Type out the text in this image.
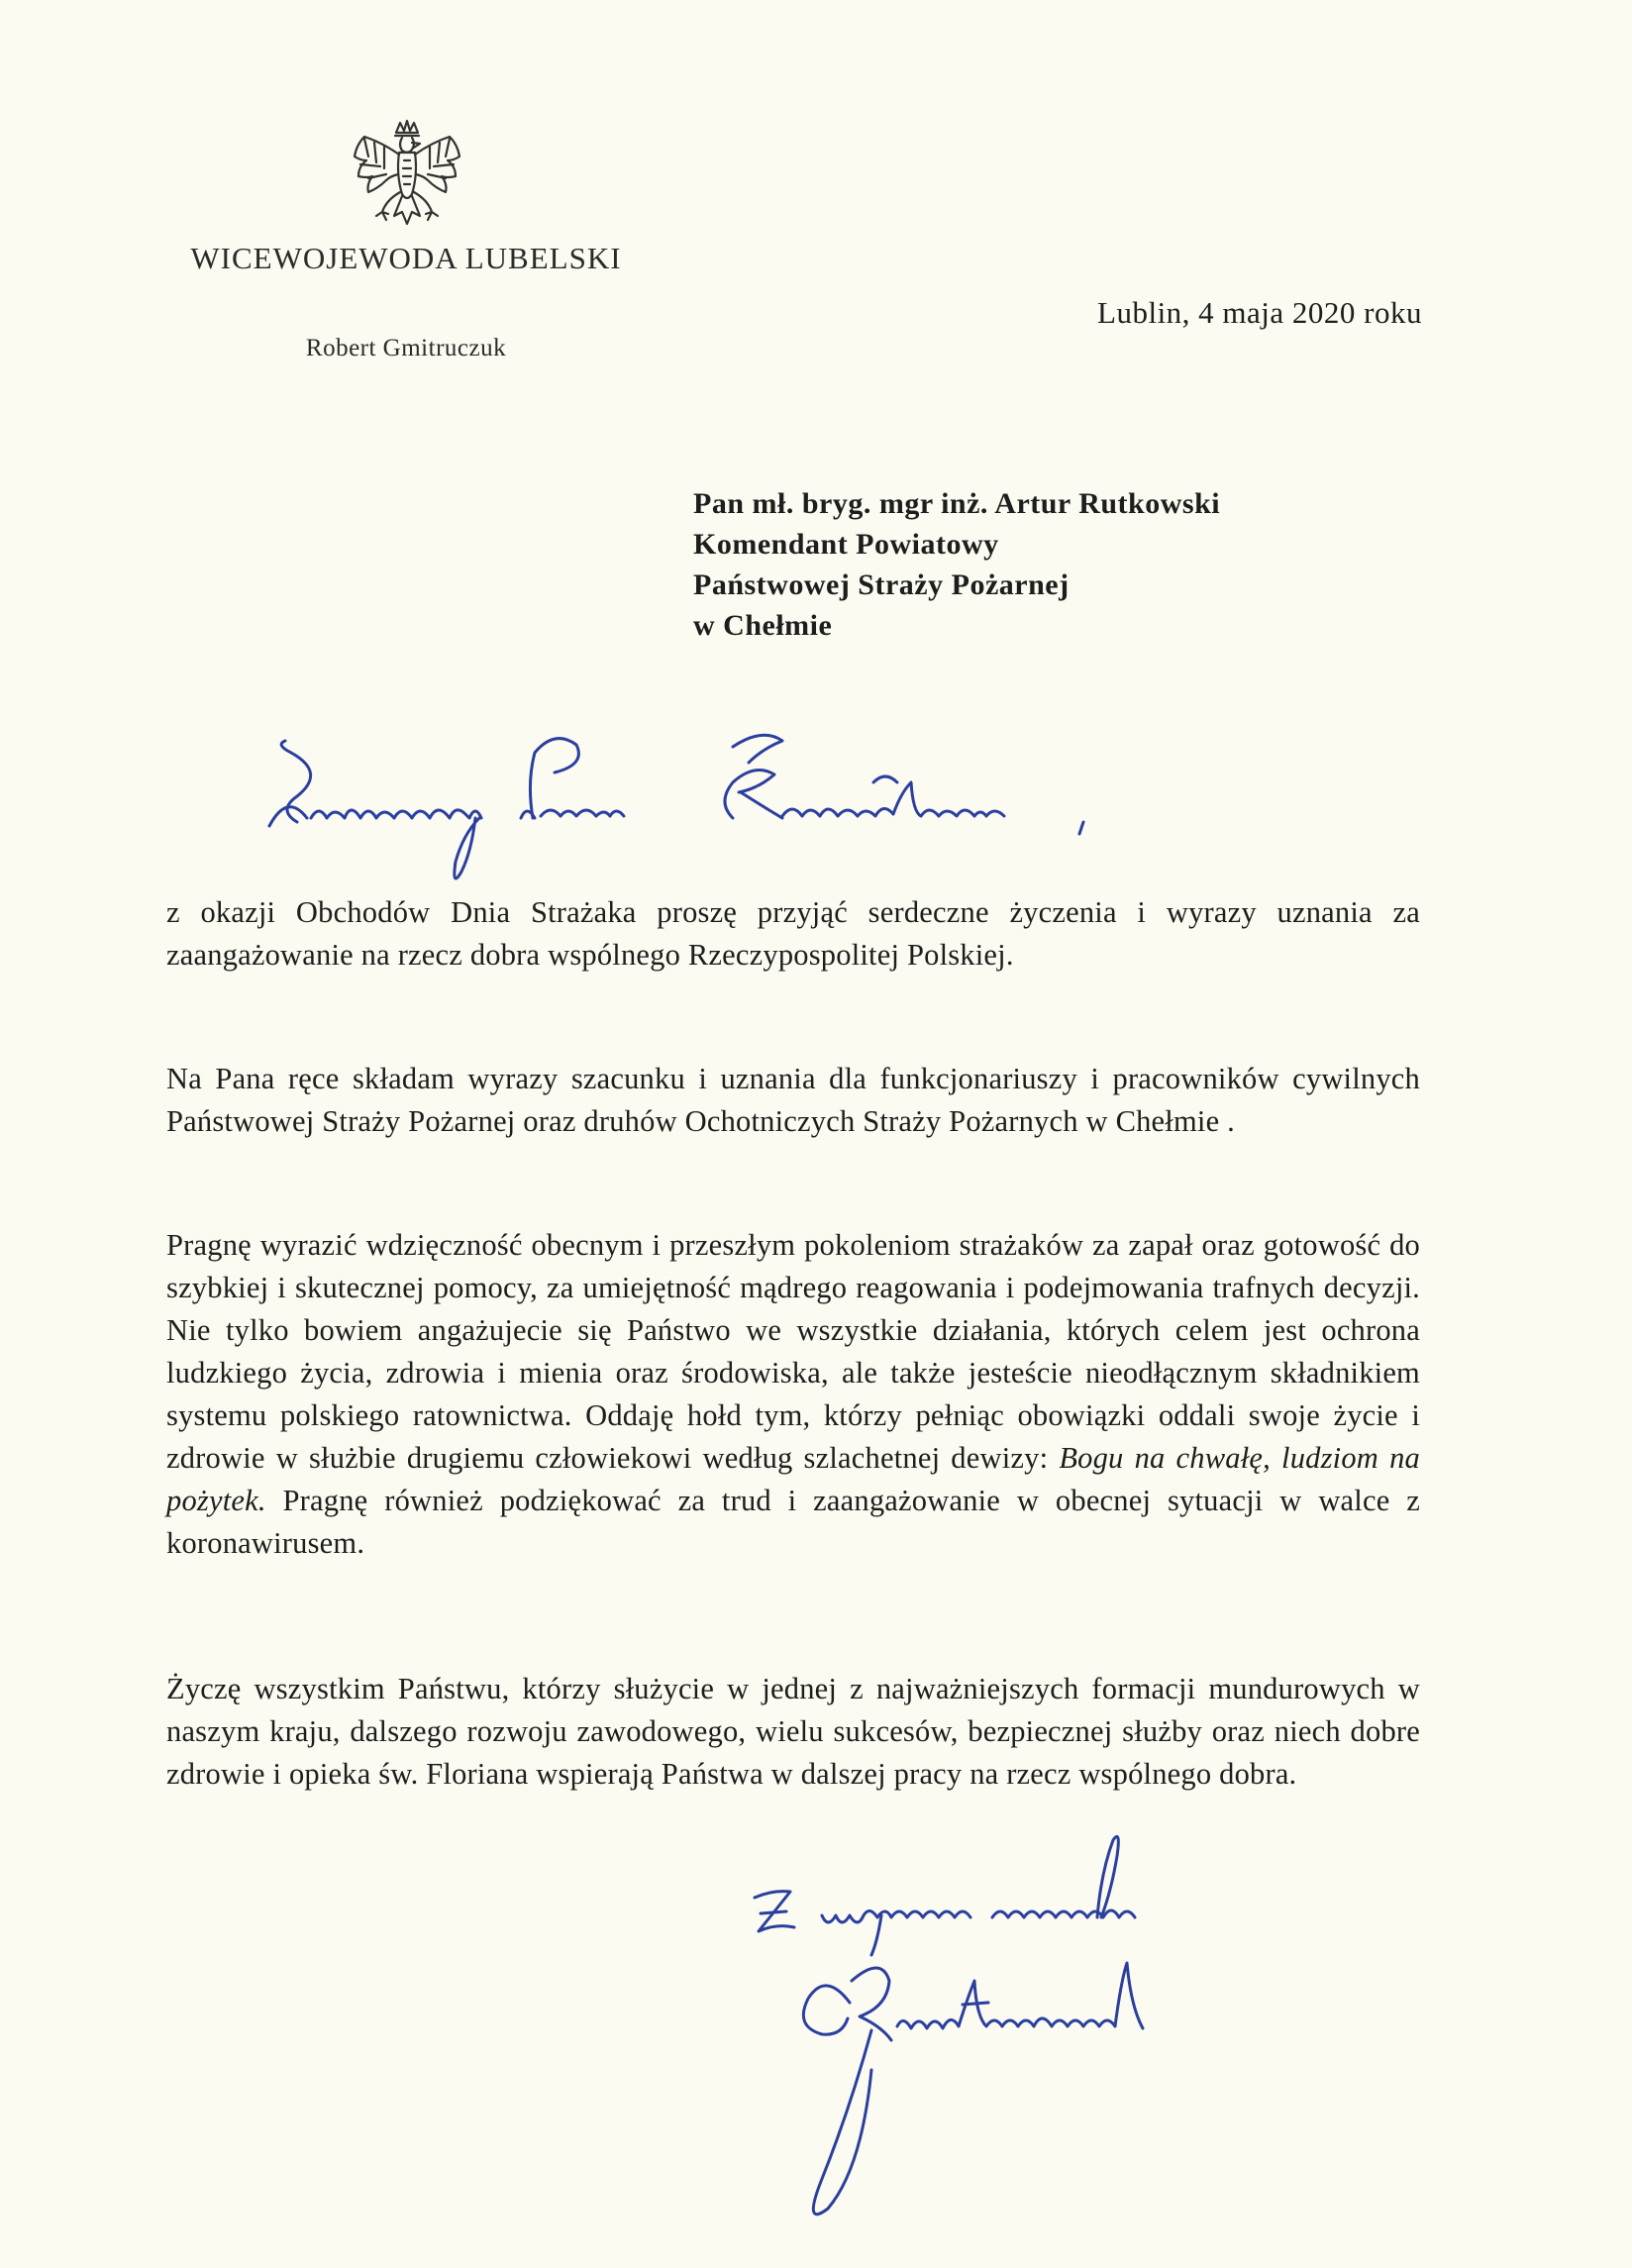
WICEWOJEWODA LUBELSKI
Robert Gmitruczuk
Lublin, 4 maja 2020 roku
Pan mł. bryg. mgr inż. Artur Rutkowski
Komendant Powiatowy
Państwowej Straży Pożarnej
w Chełmie

z okazji Obchodów Dnia Strażaka proszę przyjąć serdeczne życzenia i wyrazy uznania za zaangażowanie na rzecz dobra wspólnego Rzeczypospolitej Polskiej.

Na Pana ręce składam wyrazy szacunku i uznania dla funkcjonariuszy i pracowników cywilnych Państwowej Straży Pożarnej oraz druhów Ochotniczych Straży Pożarnych w Chełmie .

Pragnę wyrazić wdzięczność obecnym i przeszłym pokoleniom strażaków za zapał oraz gotowość do szybkiej i skutecznej pomocy, za umiejętność mądrego reagowania i podejmowania trafnych decyzji. Nie tylko bowiem angażujecie się Państwo we wszystkie działania, których celem jest ochrona ludzkiego życia, zdrowia i mienia oraz środowiska, ale także jesteście nieodłącznym składnikiem systemu polskiego ratownictwa. Oddaję hołd tym, którzy pełniąc obowiązki oddali swoje życie i zdrowie w służbie drugiemu człowiekowi według szlachetnej dewizy: Bogu na chwałę, ludziom na pożytek. Pragnę również podziękować za trud i zaangażowanie w obecnej sytuacji w walce z koronawirusem.

Życzę wszystkim Państwu, którzy służycie w jednej z najważniejszych formacji mundurowych w naszym kraju, dalszego rozwoju zawodowego, wielu sukcesów, bezpiecznej służby oraz niech dobre zdrowie i opieka św. Floriana wspierają Państwa w dalszej pracy na rzecz wspólnego dobra.
